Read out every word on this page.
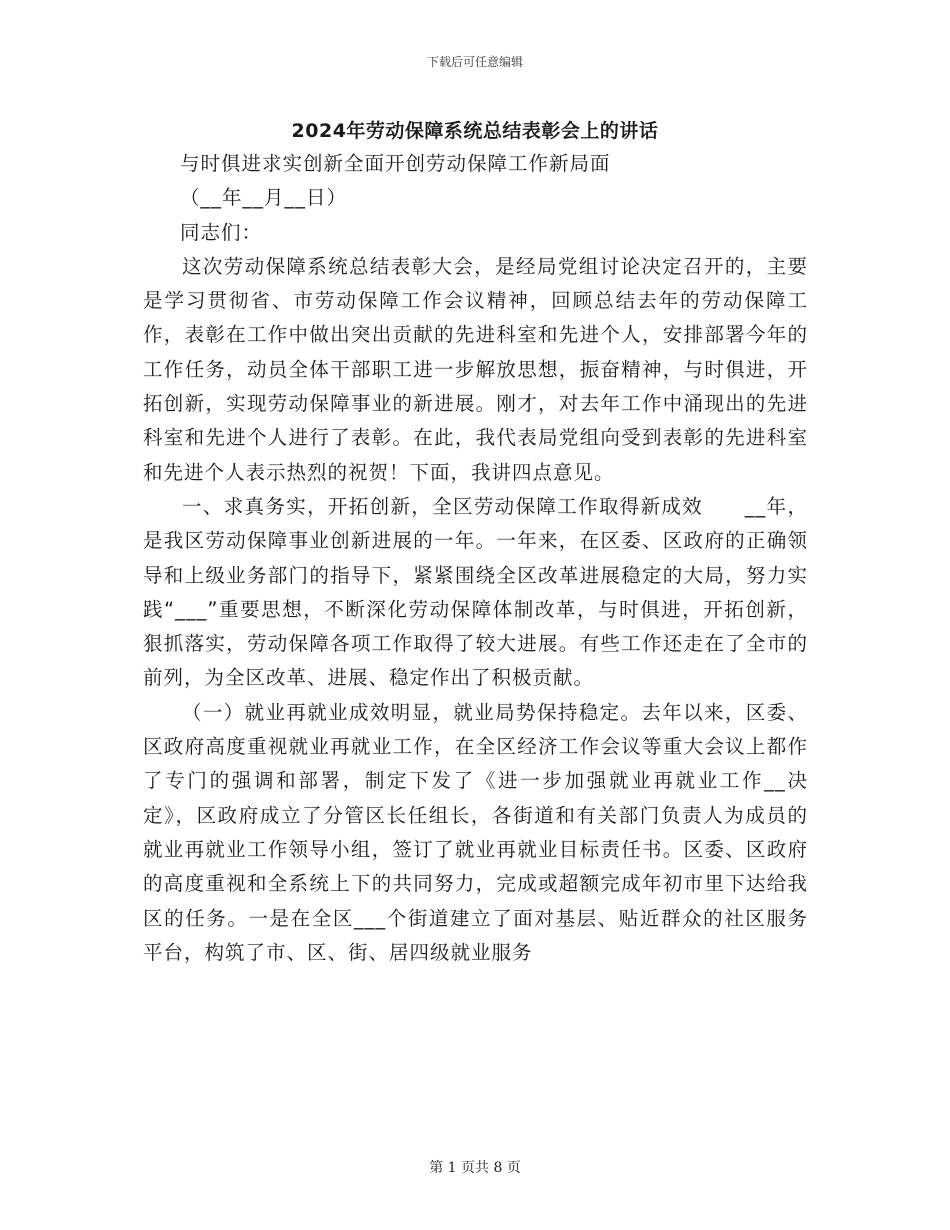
下载后可任意编辑
2024年劳动保障系统总结表彰会上的讲话

与时俱进求实创新全面开创劳动保障工作新局面

（__年__月__日）

同志们：

这次劳动保障系统总结表彰大会，是经局党组讨论决定召开的，主要是学习贯彻省、市劳动保障工作会议精神，回顾总结去年的劳动保障工作，表彰在工作中做出突出贡献的先进科室和先进个人，安排部署今年的工作任务，动员全体干部职工进一步解放思想，振奋精神，与时俱进，开拓创新，实现劳动保障事业的新进展。刚才，对去年工作中涌现出的先进科室和先进个人进行了表彰。在此，我代表局党组向受到表彰的先进科室和先进个人表示热烈的祝贺！下面，我讲四点意见。

一、求真务实，开拓创新，全区劳动保障工作取得新成效　　__年，是我区劳动保障事业创新进展的一年。一年来，在区委、区政府的正确领导和上级业务部门的指导下，紧紧围绕全区改革进展稳定的大局，努力实践“___”重要思想，不断深化劳动保障体制改革，与时俱进，开拓创新，狠抓落实，劳动保障各项工作取得了较大进展。有些工作还走在了全市的前列，为全区改革、进展、稳定作出了积极贡献。

（一）就业再就业成效明显，就业局势保持稳定。去年以来，区委、区政府高度重视就业再就业工作，在全区经济工作会议等重大会议上都作了专门的强调和部署，制定下发了《进一步加强就业再就业工作__决定》，区政府成立了分管区长任组长，各街道和有关部门负责人为成员的就业再就业工作领导小组，签订了就业再就业目标责任书。区委、区政府的高度重视和全系统上下的共同努力，完成或超额完成年初市里下达给我区的任务。一是在全区___个街道建立了面对基层、贴近群众的社区服务平台，构筑了市、区、街、居四级就业服务

第 1 页共 8 页
